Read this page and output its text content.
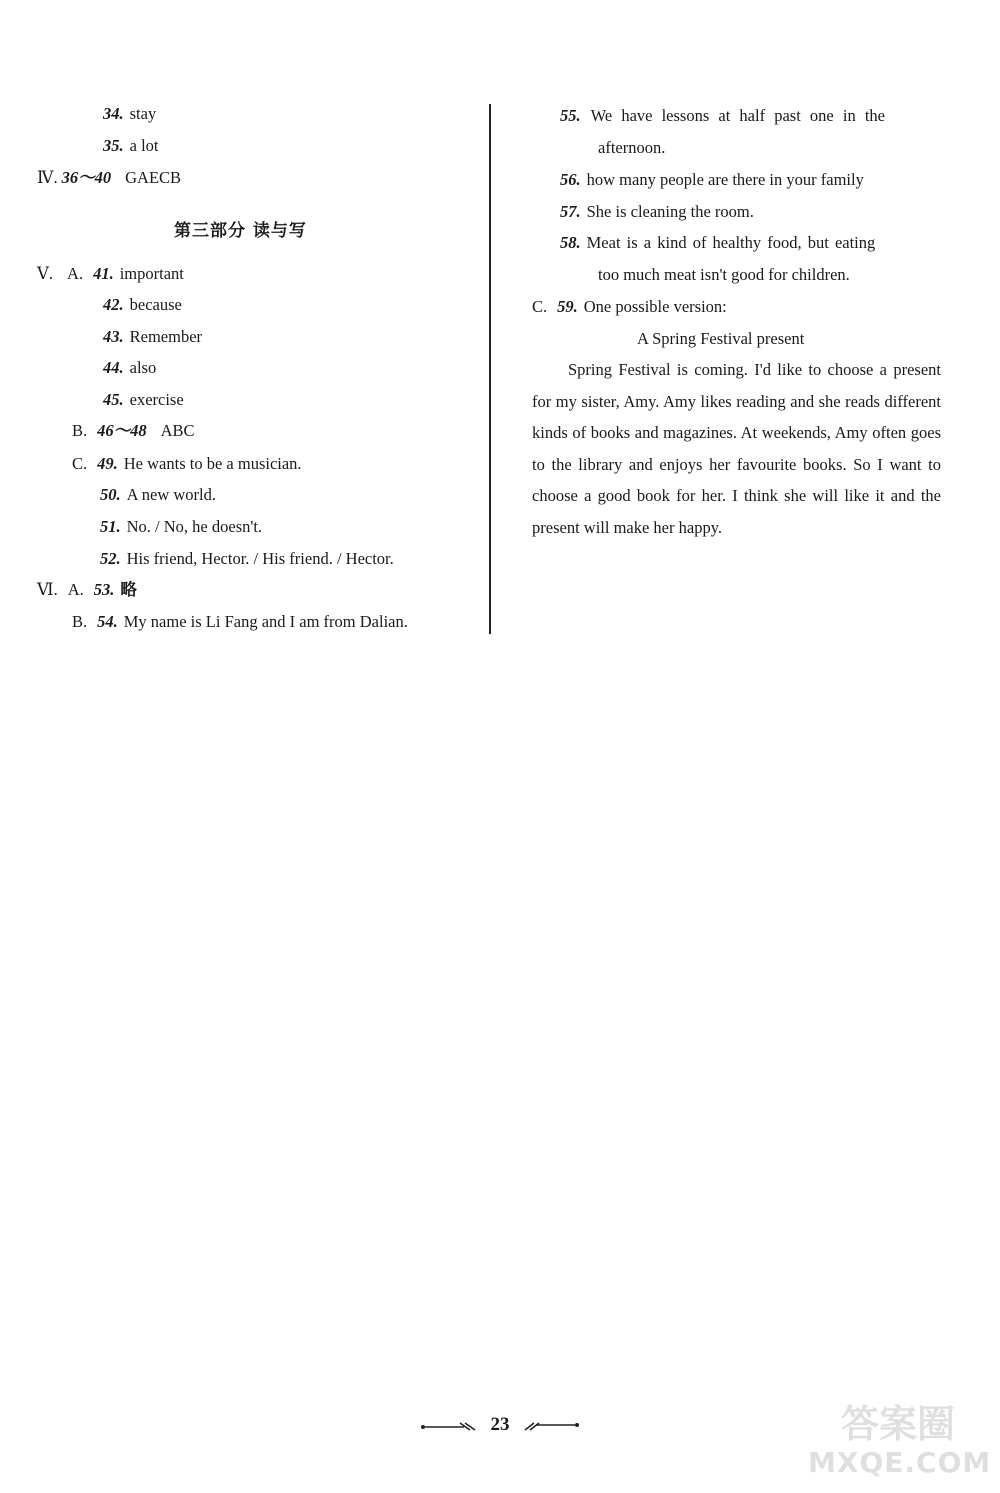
34. stay
35. a lot
Ⅳ. 36～40 GAECB
第三部分 读与写
Ⅴ. A. 41. important
42. because
43. Remember
44. also
45. exercise
B. 46～48 ABC
C. 49. He wants to be a musician.
50. A new world.
51. No. / No, he doesn't.
52. His friend, Hector. / His friend. / Hector.
Ⅵ. A. 53. 略
B. 54. My name is Li Fang and I am from Dalian.
55. We have lessons at half past one in the
afternoon.
56. how many people are there in your family
57. She is cleaning the room.
58. Meat is a kind of healthy food, but eating
too much meat isn't good for children.
C. 59. One possible version:
A Spring Festival present
Spring Festival is coming. I'd like to choose a present for my sister, Amy. Amy likes reading and she reads different kinds of books and magazines. At weekends, Amy often goes to the library and enjoys her favourite books. So I want to choose a good book for her. I think she will like it and the present will make her happy.
23	答案圈
MXQE.COM
